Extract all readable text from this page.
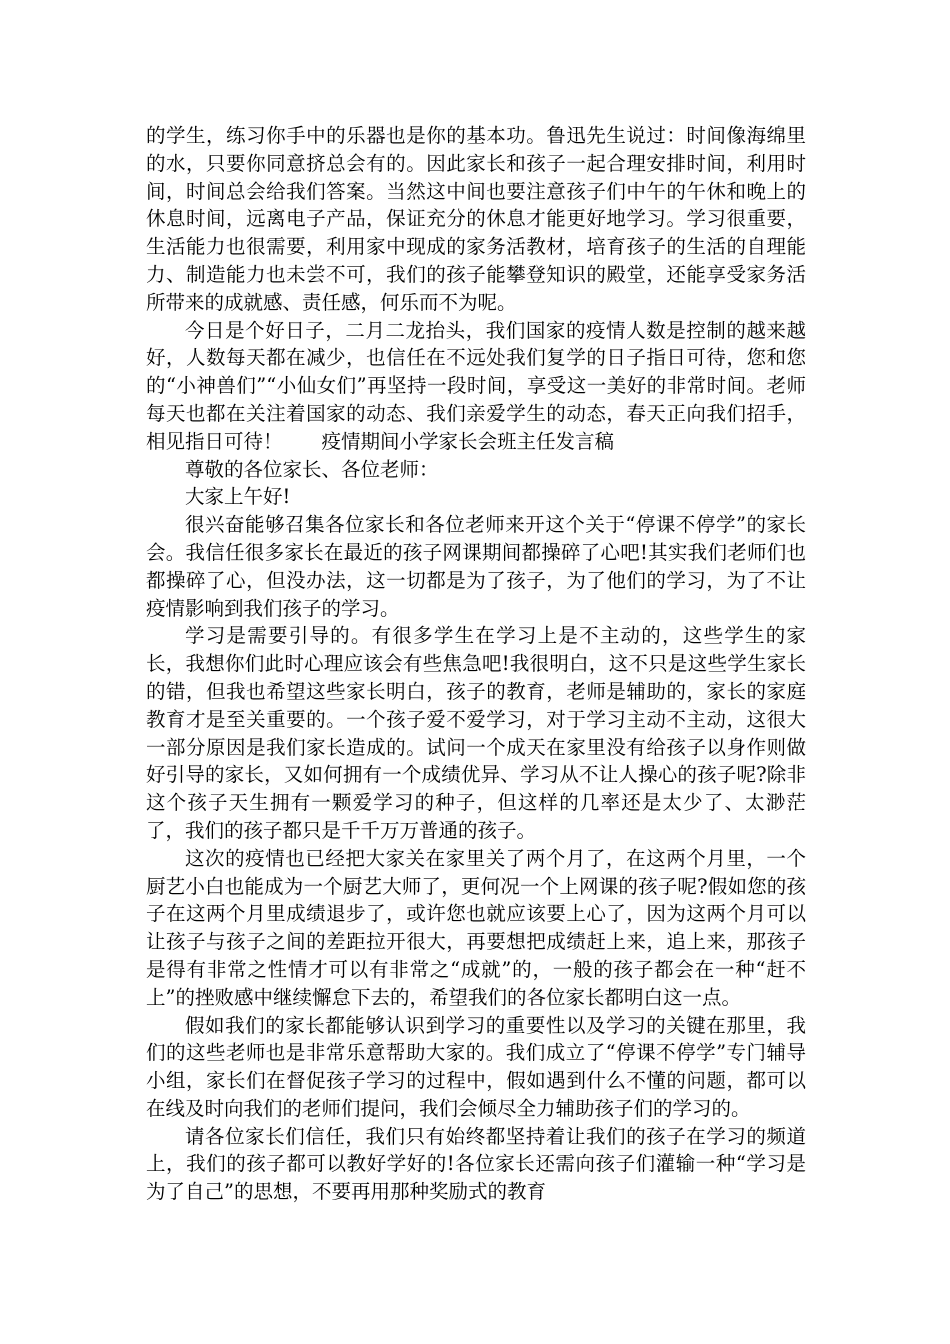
的学生，练习你手中的乐器也是你的基本功。鲁迅先生说过：时间像海绵里的水，只要你同意挤总会有的。因此家长和孩子一起合理安排时间，利用时间，时间总会给我们答案。当然这中间也要注意孩子们中午的午休和晚上的休息时间，远离电子产品，保证充分的休息才能更好地学习。学习很重要，生活能力也很需要，利用家中现成的家务活教材，培育孩子的生活的自理能力、制造能力也未尝不可，我们的孩子能攀登知识的殿堂，还能享受家务活所带来的成就感、责任感，何乐而不为呢。

今日是个好日子，二月二龙抬头，我们国家的疫情人数是控制的越来越好，人数每天都在减少，也信任在不远处我们复学的日子指日可待，您和您的“小神兽们”“小仙女们”再坚持一段时间，享受这一美好的非常时间。老师每天也都在关注着国家的动态、我们亲爱学生的动态，春天正向我们招手，相见指日可待！　　疫情期间小学家长会班主任发言稿

尊敬的各位家长、各位老师：

大家上午好!

很兴奋能够召集各位家长和各位老师来开这个关于“停课不停学”的家长会。我信任很多家长在最近的孩子网课期间都操碎了心吧!其实我们老师们也都操碎了心，但没办法，这一切都是为了孩子，为了他们的学习，为了不让疫情影响到我们孩子的学习。

学习是需要引导的。有很多学生在学习上是不主动的，这些学生的家长，我想你们此时心理应该会有些焦急吧!我很明白，这不只是这些学生家长的错，但我也希望这些家长明白，孩子的教育，老师是辅助的，家长的家庭教育才是至关重要的。一个孩子爱不爱学习，对于学习主动不主动，这很大一部分原因是我们家长造成的。试问一个成天在家里没有给孩子以身作则做好引导的家长，又如何拥有一个成绩优异、学习从不让人操心的孩子呢?除非这个孩子天生拥有一颗爱学习的种子，但这样的几率还是太少了、太渺茫了，我们的孩子都只是千千万万普通的孩子。

这次的疫情也已经把大家关在家里关了两个月了，在这两个月里，一个厨艺小白也能成为一个厨艺大师了，更何况一个上网课的孩子呢?假如您的孩子在这两个月里成绩退步了，或许您也就应该要上心了，因为这两个月可以让孩子与孩子之间的差距拉开很大，再要想把成绩赶上来，追上来，那孩子是得有非常之性情才可以有非常之“成就”的，一般的孩子都会在一种“赶不上”的挫败感中继续懈怠下去的，希望我们的各位家长都明白这一点。

假如我们的家长都能够认识到学习的重要性以及学习的关键在那里，我们的这些老师也是非常乐意帮助大家的。我们成立了“停课不停学”专门辅导小组，家长们在督促孩子学习的过程中，假如遇到什么不懂的问题，都可以在线及时向我们的老师们提问，我们会倾尽全力辅助孩子们的学习的。

请各位家长们信任，我们只有始终都坚持着让我们的孩子在学习的频道上，我们的孩子都可以教好学好的!各位家长还需向孩子们灌输一种“学习是为了自己”的思想，不要再用那种奖励式的教育
